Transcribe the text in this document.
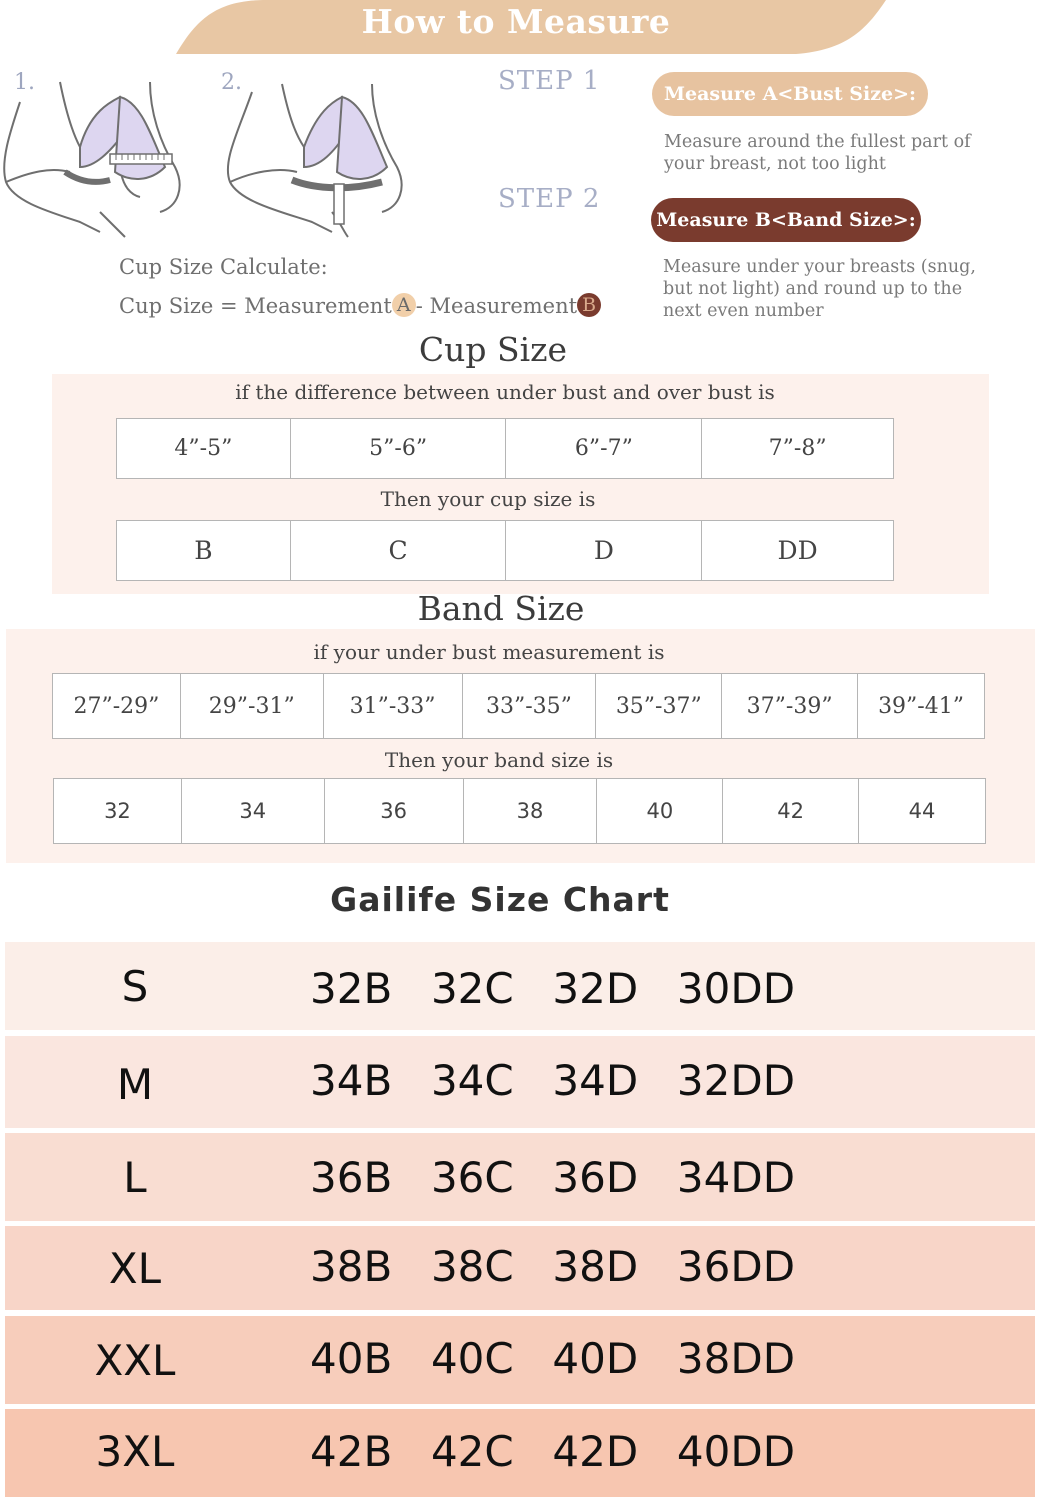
How to Measure
1.	2.	STEP 1
STEP 2
Measure A<Bust Size>:
Measure around the fullest part of
your breast, not too light
Measure B<Band Size>:
Measure under your breasts (snug,
but not light) and round up to the
next even number
Cup Size Calculate:
Cup Size = Measurement A - Measurement B
Cup Size
if the difference between under bust and over bust is
4”-5”	5”-6”	6”-7”	7”-8”
Then your cup size is
B	C	D	DD
Band Size
if your under bust measurement is
27”-29”	29”-31”	31”-33”	33”-35”	35”-37”	37”-39”	39”-41”
Then your band size is
32	34	36	38	40	42	44
Gailife Size Chart
S	32B  32C  32D  30DD
M	34B  34C  34D  32DD
L	36B  36C  36D  34DD
XL	38B  38C  38D  36DD
XXL	40B  40C  40D  38DD
3XL	42B  42C  42D  40DD
